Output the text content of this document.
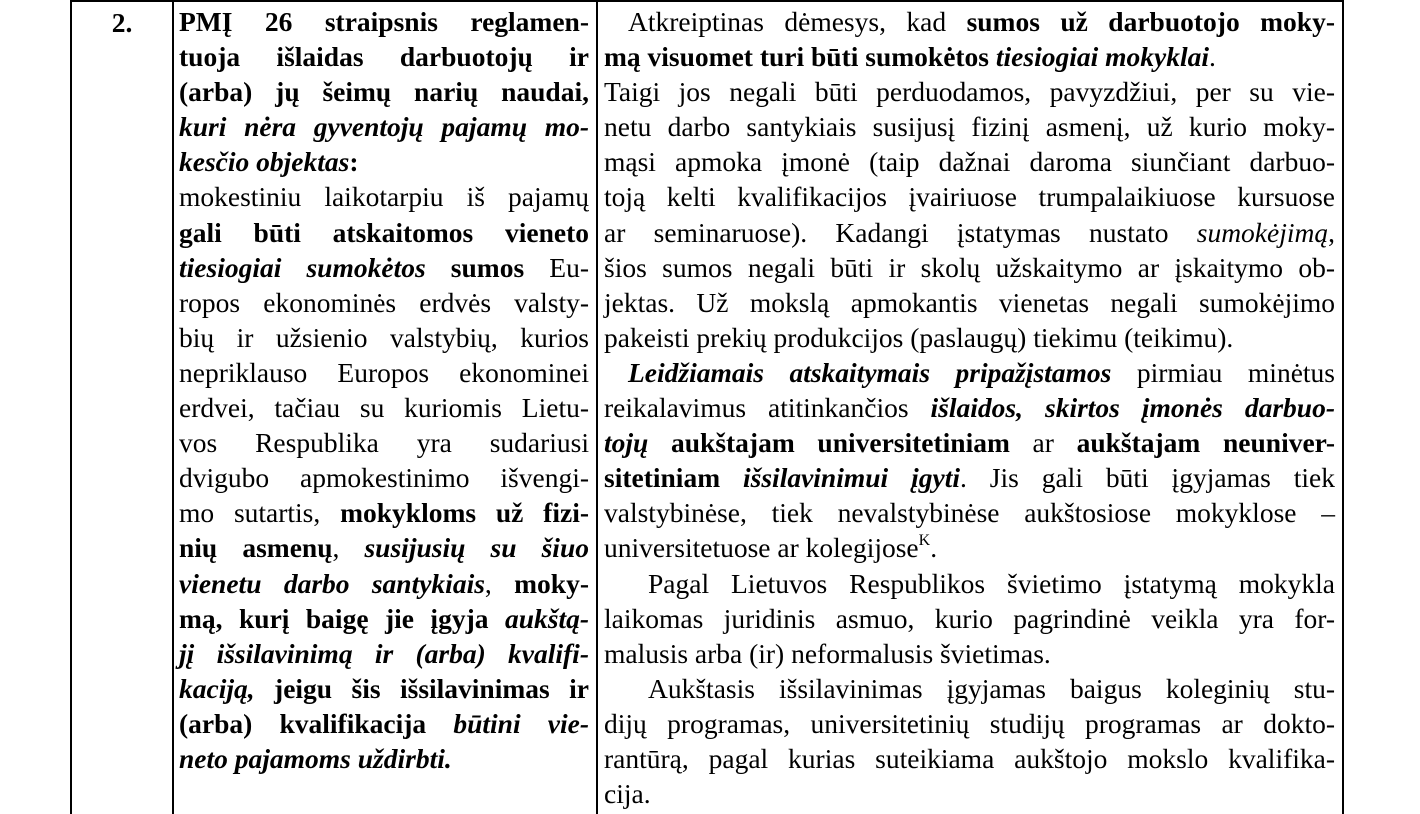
2.	PMĮ 26 straipsnis reglamen-
tuoja išlaidas darbuotojų ir
(arba) jų šeimų narių naudai,
kuri nėra gyventojų pajamų mo-
kesčio objektas:
mokestiniu laikotarpiu iš pajamų
gali būti atskaitomos vieneto
tiesiogiai sumokėtos sumos Eu-
ropos ekonominės erdvės valsty-
bių ir užsienio valstybių, kurios
nepriklauso Europos ekonominei
erdvei, tačiau su kuriomis Lietu-
vos Respublika yra sudariusi
dvigubo apmokestinimo išvengi-
mo sutartis, mokykloms už fizi-
nių asmenų, susijusių su šiuo
vienetu darbo santykiais, moky-
mą, kurį baigę jie įgyja aukštą-
jį išsilavinimą ir (arba) kvalifi-
kaciją, jeigu šis išsilavinimas ir
(arba) kvalifikacija būtini vie-
neto pajamoms uždirbti.
Atkreiptinas dėmesys, kad sumos už darbuotojo moky-
mą visuomet turi būti sumokėtos tiesiogiai mokyklai.
Taigi jos negali būti perduodamos, pavyzdžiui, per su vie-
netu darbo santykiais susijusį fizinį asmenį, už kurio moky-
mąsi apmoka įmonė (taip dažnai daroma siunčiant darbuo-
toją kelti kvalifikacijos įvairiuose trumpalaikiuose kursuose
ar seminaruose). Kadangi įstatymas nustato sumokėjimą,
šios sumos negali būti ir skolų užskaitymo ar įskaitymo ob-
jektas. Už mokslą apmokantis vienetas negali sumokėjimo
pakeisti prekių produkcijos (paslaugų) tiekimu (teikimu).
Leidžiamais atskaitymais pripažįstamos pirmiau minėtus
reikalavimus atitinkančios išlaidos, skirtos įmonės darbuo-
tojų aukštajam universitetiniam ar aukštajam neuniver-
sitetiniam išsilavinimui įgyti. Jis gali būti įgyjamas tiek
valstybinėse, tiek nevalstybinėse aukštosiose mokyklose –
universitetuose ar kolegijose$^K$.
Pagal Lietuvos Respublikos švietimo įstatymą mokykla
laikomas juridinis asmuo, kurio pagrindinė veikla yra for-
malusis arba (ir) neformalusis švietimas.
Aukštasis išsilavinimas įgyjamas baigus koleginių stu-
dijų programas, universitetinių studijų programas ar dokto-
rantūrą, pagal kurias suteikiama aukštojo mokslo kvalifika-
cija.
